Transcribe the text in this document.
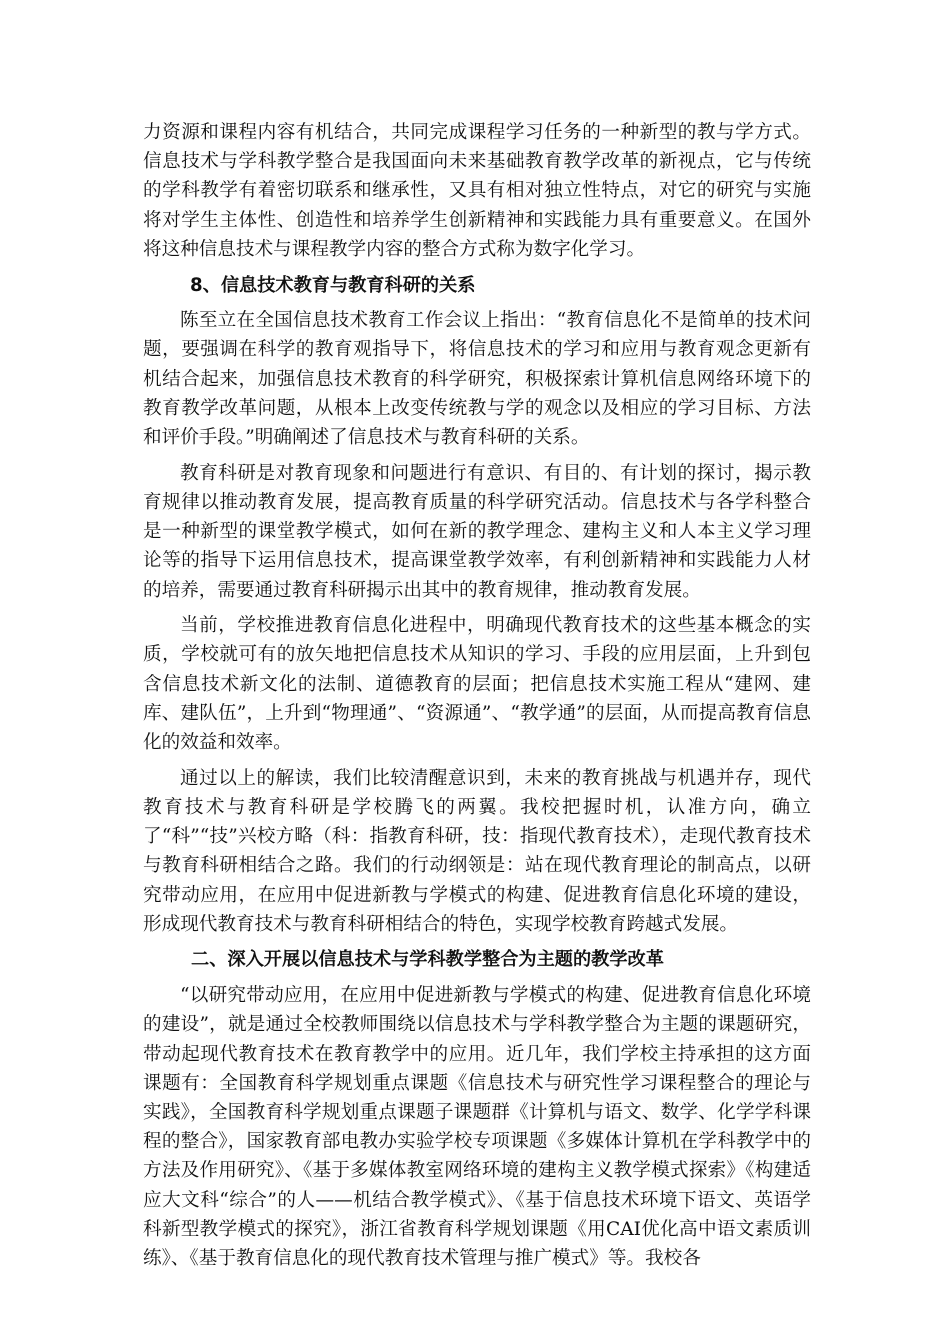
力资源和课程内容有机结合，共同完成课程学习任务的一种新型的教与学方式。信息技术与学科教学整合是我国面向未来基础教育教学改革的新视点，它与传统的学科教学有着密切联系和继承性，又具有相对独立性特点，对它的研究与实施将对学生主体性、创造性和培养学生创新精神和实践能力具有重要意义。在国外将这种信息技术与课程教学内容的整合方式称为数字化学习。

8、信息技术教育与教育科研的关系

陈至立在全国信息技术教育工作会议上指出：“教育信息化不是简单的技术问题，要强调在科学的教育观指导下，将信息技术的学习和应用与教育观念更新有机结合起来，加强信息技术教育的科学研究，积极探索计算机信息网络环境下的教育教学改革问题，从根本上改变传统教与学的观念以及相应的学习目标、方法和评价手段。”明确阐述了信息技术与教育科研的关系。

教育科研是对教育现象和问题进行有意识、有目的、有计划的探讨，揭示教育规律以推动教育发展，提高教育质量的科学研究活动。信息技术与各学科整合是一种新型的课堂教学模式，如何在新的教学理念、建构主义和人本主义学习理论等的指导下运用信息技术，提高课堂教学效率，有利创新精神和实践能力人材的培养，需要通过教育科研揭示出其中的教育规律，推动教育发展。

当前，学校推进教育信息化进程中，明确现代教育技术的这些基本概念的实质，学校就可有的放矢地把信息技术从知识的学习、手段的应用层面，上升到包含信息技术新文化的法制、道德教育的层面；把信息技术实施工程从“建网、建库、建队伍”，上升到“物理通”、“资源通”、“教学通”的层面，从而提高教育信息化的效益和效率。

通过以上的解读，我们比较清醒意识到，未来的教育挑战与机遇并存，现代教育技术与教育科研是学校腾飞的两翼。我校把握时机，认准方向，确立了“科”“技”兴校方略（科：指教育科研，技：指现代教育技术），走现代教育技术与教育科研相结合之路。我们的行动纲领是：站在现代教育理论的制高点，以研究带动应用，在应用中促进新教与学模式的构建、促进教育信息化环境的建设，形成现代教育技术与教育科研相结合的特色，实现学校教育跨越式发展。

二、深入开展以信息技术与学科教学整合为主题的教学改革

“以研究带动应用，在应用中促进新教与学模式的构建、促进教育信息化环境的建设”，就是通过全校教师围绕以信息技术与学科教学整合为主题的课题研究，带动起现代教育技术在教育教学中的应用。近几年，我们学校主持承担的这方面课题有：全国教育科学规划重点课题《信息技术与研究性学习课程整合的理论与实践》，全国教育科学规划重点课题子课题群《计算机与语文、数学、化学学科课程的整合》，国家教育部电教办实验学校专项课题《多媒体计算机在学科教学中的方法及作用研究》、《基于多媒体教室网络环境的建构主义教学模式探索》《构建适应大文科“综合”的人——机结合教学模式》、《基于信息技术环境下语文、英语学科新型教学模式的探究》，浙江省教育科学规划课题《用CAI优化高中语文素质训练》、《基于教育信息化的现代教育技术管理与推广模式》等。我校各
